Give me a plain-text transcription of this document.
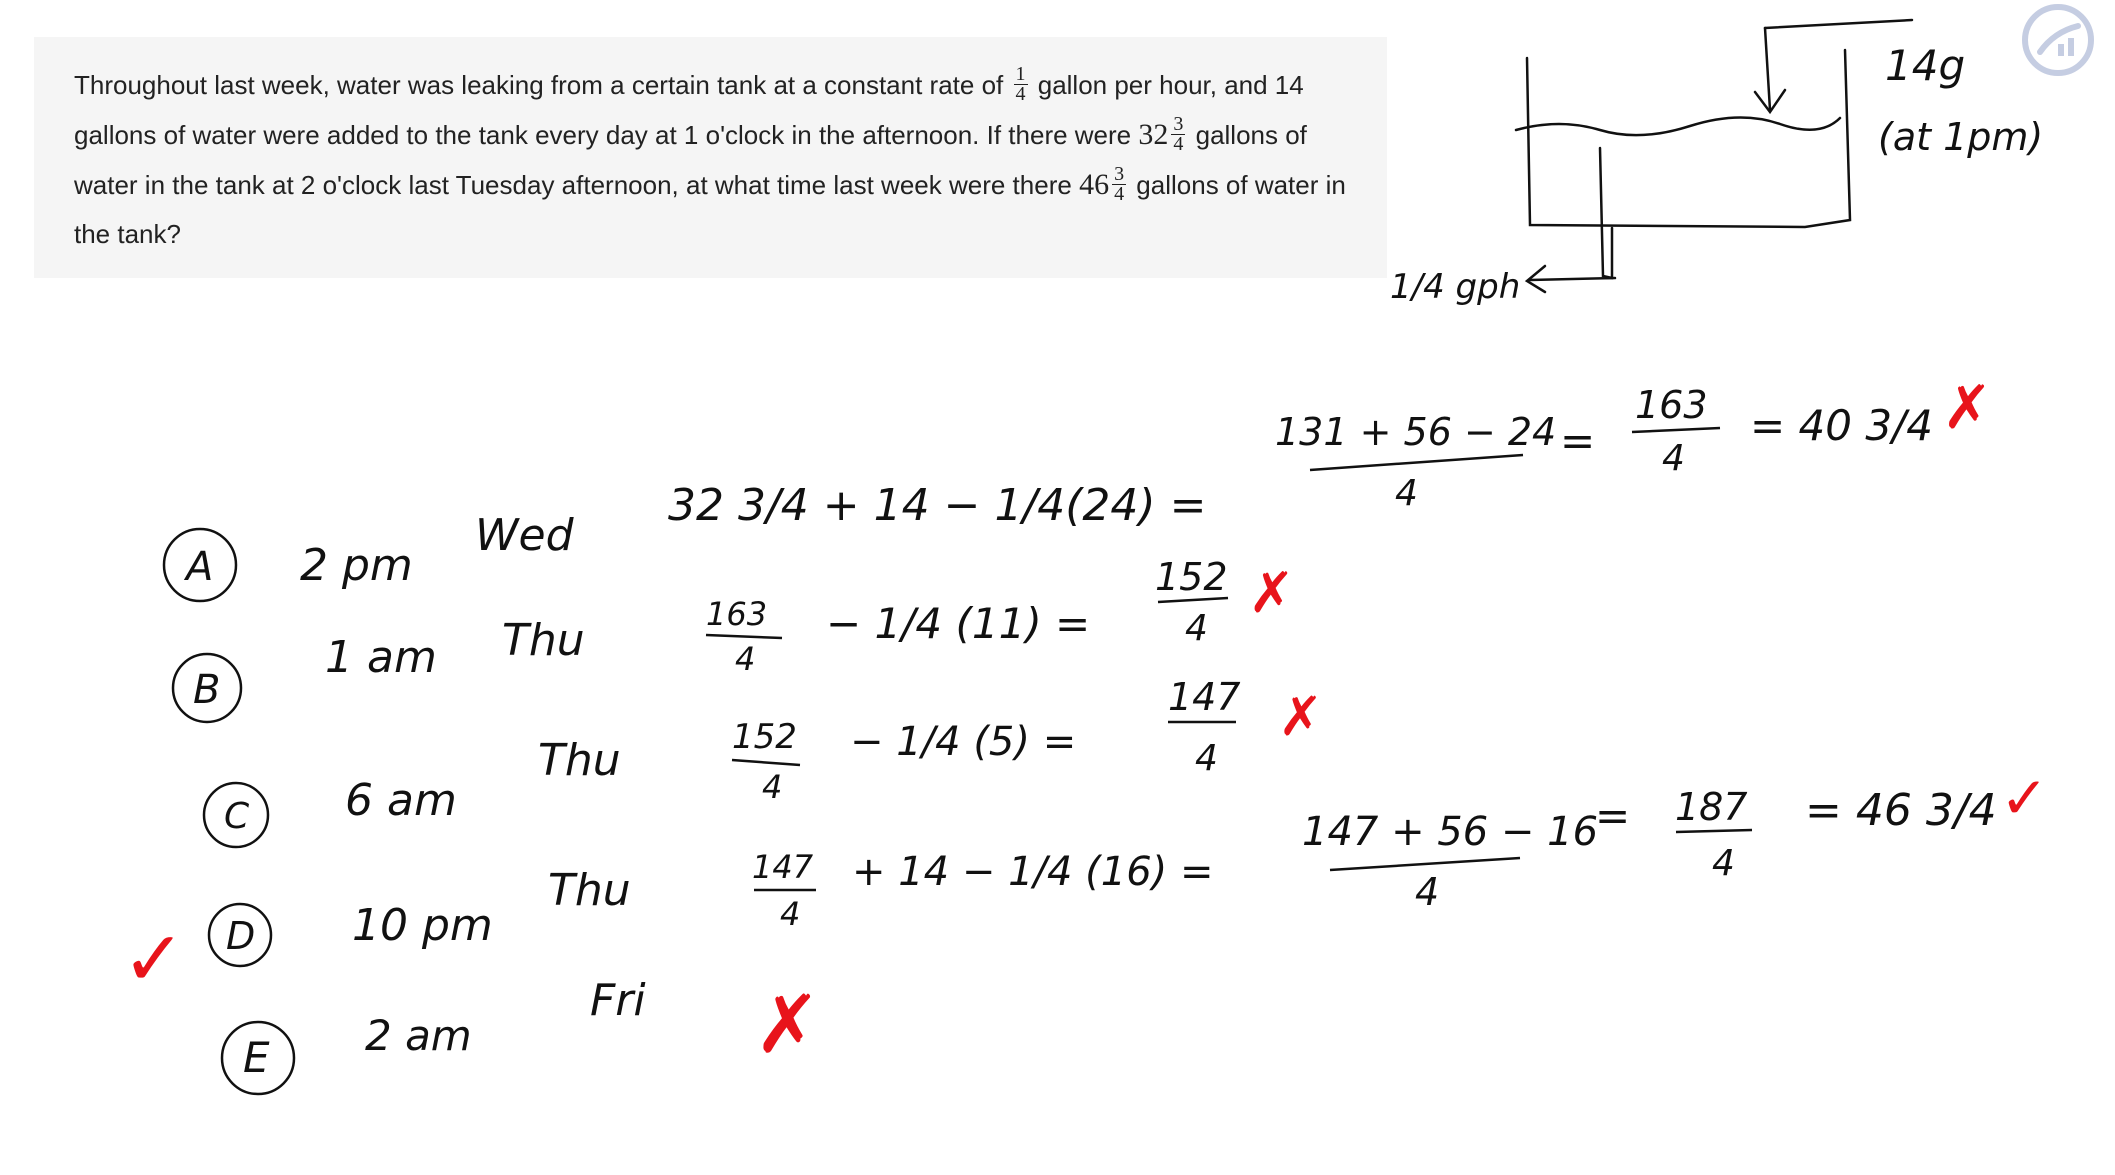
Throughout last week, water was leaking from a certain tank at a constant rate of $\frac{1}{4}$ gallon per hour, and 14 gallons of water were added to the tank every day at 1 o'clock in the afternoon. If there were $32 \frac{3}{4}$ gallons of water in the tank at 2 o'clock last Tuesday afternoon, at what time last week were there $46 \frac{3}{4}$ gallons of water in the tank?
14g
(at 1pm)
1/4 gph
A 2 pm
Wed
B
1 am Thu
C 6 am
Thu
D 10 pm
Thu
E 2 am
Fri
32 3/4 + 14 − 1/4(24) =
131 + 56 − 24
4
=
163
4
= 40 3/4 ✗
163
4
− 1/4 (11) =
152
4
✗
152
4
− 1/4 (5) =
147
4
✗
147
4
+ 14 − 1/4 (16) =
147 + 56 − 16
4
= 187
4
= 46 3/4 ✓
✓
✗
